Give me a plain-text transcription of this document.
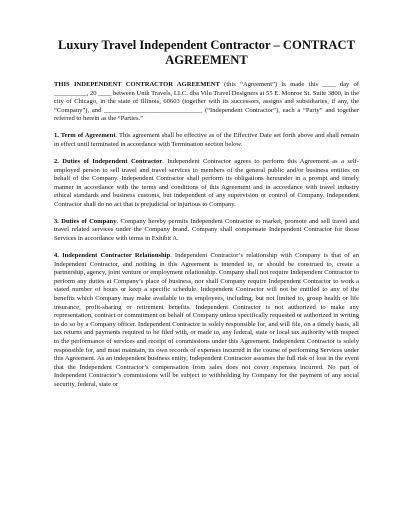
Luxury Travel Independent Contractor – CONTRACT
AGREEMENT

THIS INDEPENDENT CONTRACTOR AGREEMENT (this “Agreement”) is made this ____ day of __________, 20 ____ between Unik Travels, LLC. dba Vilu Travel Designers at 55 E. Monroe St. Suite 3800, in the city of Chicago, in the state of Illinois, 60603 (together with its successors, assigns and subsidiaries, if any, the “Company”), and ______________________________ (“Independent Contractor”), each a “Party” and together referred to herein as the “Parties.”

1. Term of Agreement. This agreement shall be effective as of the Effective Date set forth above and shall remain in effect until terminated in accordance with Termination section below.

2. Duties of Independent Contractor. Independent Contractor agrees to perform this Agreement as a self-employed person to sell travel and travel services to members of the general public and/or business entities on behalf of the Company. Independent Contractor shall perform its obligations hereunder in a prompt and timely manner in accordance with the terms and conditions of this Agreement and in accordance with travel industry ethical standards and business customs, but independent of any supervision or control of Company. Independent Contractor shall do no act that is prejudicial or injurious to Company.

3. Duties of Company. Company hereby permits Independent Contractor to market, promote and sell travel and travel related services under the Company brand. Company shall compensate Independent Contractor for those Services in accordance with terms in Exhibit A.

4. Independent Contractor Relationship. Independent Contractor’s relationship with Company is that of an Independent Contractor, and nothing in this Agreement is intended to, or should be construed to, create a partnership, agency, joint venture or employment relationship. Company shall not require Independent Contractor to perform any duties at Company’s place of business, nor shall Company require Independent Contractor to work a stated number of hours or keep a specific schedule. Independent Contractor will not be entitled to any of the benefits which Company may make available to its employees, including, but not limited to, group health or life insurance, profit-sharing or retirement benefits. Independent Contractor is not authorized to make any representation, contract or commitment on behalf of Company unless specifically requested or authorized in writing to do so by a Company officer. Independent Contractor is solely responsible for, and will file, on a timely basis, all tax returns and payments required to be filed with, or made to, any federal, state or local tax authority with respect to the performance of services and receipt of commissions under this Agreement. Independent Contractor is solely responsible for, and must maintain, its own records of expenses incurred in the course of performing Services under this Agreement. As an independent business entity, Independent Contractor assumes the full risk of loss in the event that the Independent Contractor’s compensation from sales does not cover expenses incurred. No part of Independent Contractor’s commissions will be subject to withholding by Company for the payment of any social security, federal, state or
